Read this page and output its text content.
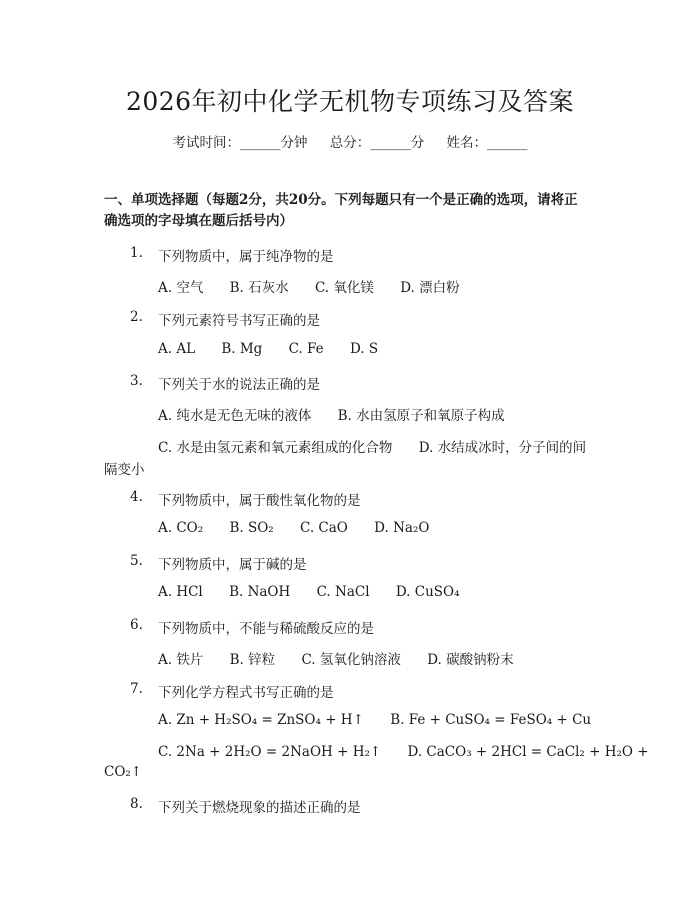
2026年初中化学无机物专项练习及答案
考试时间：______分钟 总分：______分 姓名：______
一、单项选择题（每题2分，共20分。下列每题只有一个是正确的选项，请将正
确选项的字母填在题后括号内）
1.	下列物质中，属于纯净物的是
A. 空气 B. 石灰水 C. 氧化镁 D. 漂白粉
2.	下列元素符号书写正确的是
A. AL B. Mg C. Fe D. S
3.	下列关于水的说法正确的是
A. 纯水是无色无味的液体 B. 水由氢原子和氧原子构成
C. 水是由氢元素和氧元素组成的化合物 D. 水结成冰时，分子间的间
隔变小
4.	下列物质中，属于酸性氧化物的是
A. CO₂ B. SO₂ C. CaO D. Na₂O
5.	下列物质中，属于碱的是
A. HCl B. NaOH C. NaCl D. CuSO₄
6.	下列物质中，不能与稀硫酸反应的是
A. 铁片 B. 锌粒 C. 氢氧化钠溶液 D. 碳酸钠粉末
7.	下列化学方程式书写正确的是
A. Zn + H₂SO₄ = ZnSO₄ + H↑ B. Fe + CuSO₄ = FeSO₄ + Cu
C. 2Na + 2H₂O = 2NaOH + H₂↑ D. CaCO₃ + 2HCl = CaCl₂ + H₂O +
CO₂↑
8.	下列关于燃烧现象的描述正确的是
